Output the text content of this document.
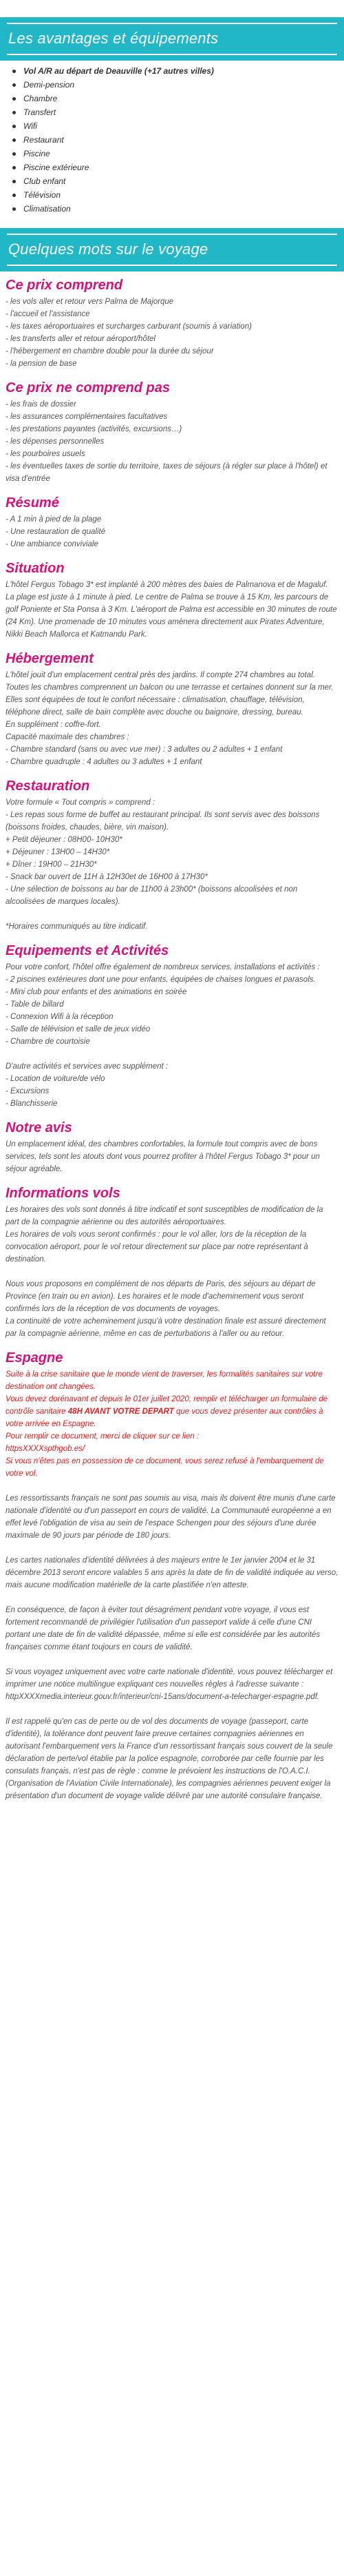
Les avantages et équipements
Vol A/R au départ de Deauville (+17 autres villes)
Demi-pension
Chambre
Transfert
Wifi
Restaurant
Piscine
Piscine extérieure
Club enfant
Télévision
Climatisation
Quelques mots sur le voyage
Ce prix comprend
- les vols aller et retour vers Palma de Majorque
- l'accueil et l'assistance
- les taxes aéroportuaires et surcharges carburant (soumis à variation)
- les transferts aller et retour aéroport/hôtel
- l'hébergement en chambre double pour la durée du séjour
- la pension de base
Ce prix ne comprend pas
- les frais de dossier
- les assurances complémentaires facultatives
- les prestations payantes (activités, excursions…)
- les dépenses personnelles
- les pourboires usuels
- les éventuelles taxes de sortie du territoire, taxes de séjours (à régler sur place à l'hôtel) et visa d'entrée
Résumé
- A 1 min à pied de la plage
- Une restauration de qualité
- Une ambiance conviviale
Situation
L'hôtel Fergus Tobago 3* est implanté à 200 mètres des baies de Palmanova et de Magaluf. La plage est juste à 1 minute à pied. Le centre de Palma se trouve à 15 Km, les parcours de golf Poniente et Sta Ponsa à 3 Km. L'aéroport de Palma est accessible en 30 minutes de route (24 Km). Une promenade de 10 minutes vous amènera directement aux Pirates Adventure, Nikki Beach Mallorca et Katmandu Park.
Hébergement
L'hôtel jouit d'un emplacement central près des jardins. Il compte 274 chambres au total.
Toutes les chambres comprennent un balcon ou une terrasse et certaines donnent sur la mer.
Elles sont équipées de tout le confort nécessaire : climatisation, chauffage, télévision, téléphone direct, salle de bain complète avec douche ou baignoire, dressing, bureau.
En supplément : coffre-fort.
Capacité maximale des chambres :
- Chambre standard (sans ou avec vue mer) : 3 adultes ou 2 adultes + 1 enfant
- Chambre quadruple : 4 adultes ou 3 adultes + 1 enfant
Restauration
Votre formule « Tout compris » comprend :
- Les repas sous forme de buffet au restaurant principal. Ils sont servis avec des boissons (boissons froides, chaudes, bière, vin maison).
+ Petit déjeuner : 08H00- 10H30*
+ Déjeuner : 13H00 – 14H30*
+ Dîner : 19H00 – 21H30*
- Snack bar ouvert de 11H à 12H30et de 16H00 à 17H30*
- Une sélection de boissons au bar de 11h00 à 23h00* (boissons alcoolisées et non alcoolisées de marques locales).
*Horaires communiqués au titre indicatif.
Equipements et Activités
Pour votre confort, l'hôtel offre également de nombreux services, installations et activités :
- 2 piscines extérieures dont une pour enfants, équipées de chaises longues et parasols.
- Mini club pour enfants et des animations en soirée
- Table de billard
- Connexion Wifi à la réception
- Salle de télévision et salle de jeux vidéo
- Chambre de courtoisie
D'autre activités et services avec supplément :
- Location de voiture/de vélo
- Excursions
- Blanchisserie
Notre avis
Un emplacement idéal, des chambres confortables, la formule tout compris avec de bons services, tels sont les atouts dont vous pourrez profiter à l'hôtel Fergus Tobago 3* pour un séjour agréable.
Informations vols
Les horaires des vols sont donnés à titre indicatif et sont susceptibles de modification de la part de la compagnie aérienne ou des autorités aéroportuaires.
Les horaires de vols vous seront confirmés : pour le vol aller, lors de la réception de la convocation aéroport, pour le vol retour directement sur place par notre représentant à destination.
Nous vous proposons en complément de nos départs de Paris, des séjours au départ de Province (en train ou en avion). Les horaires et le mode d'acheminement vous seront confirmés lors de la réception de vos documents de voyages.
La continuité de votre acheminement jusqu'à votre destination finale est assuré directement par la compagnie aérienne, même en cas de perturbations à l'aller ou au retour.
Espagne
Suite à la crise sanitaire que le monde vient de traverser, les formalités sanitaires sur votre destination ont changées.
Vous devez dorénavant et depuis le 01er juillet 2020, remplir et télécharger un formulaire de contrôle sanitaire 48H AVANT VOTRE DEPART que vous devez présenter aux contrôles à votre arrivée en Espagne.
Pour remplir ce document, merci de cliquer sur ce lien :
httpsXXXXspthgob.es/
Si vous n'êtes pas en possession de ce document, vous serez refusé à l'embarquement de votre vol.
Les ressortissants français ne sont pas soumis au visa, mais ils doivent être munis d'une carte nationale d'identité ou d'un passeport en cours de validité. La Communauté européenne a en effet levé l'obligation de visa au sein de l'espace Schengen pour des séjours d'une durée maximale de 90 jours par période de 180 jours.
Les cartes nationales d'identité délivrées à des majeurs entre le 1er janvier 2004 et le 31 décembre 2013 seront encore valables 5 ans après la date de fin de validité indiquée au verso, mais aucune modification matérielle de la carte plastifiée n'en atteste.
En conséquence, de façon à éviter tout désagrément pendant votre voyage, il vous est fortement recommandé de privilégier l'utilisation d'un passeport valide à celle d'une CNI portant une date de fin de validité dépassée, même si elle est considérée par les autorités françaises comme étant toujours en cours de validité.
Si vous voyagez uniquement avec votre carte nationale d'identité, vous pouvez télécharger et imprimer une notice multilingue expliquant ces nouvelles règles à l'adresse suivante : httpXXXXmedia.interieur.gouv.fr/interieur/cni-15ans/document-a-telecharger-espagne.pdf.
Il est rappelé qu'en cas de perte ou de vol des documents de voyage (passeport, carte d'identité), la tolérance dont peuvent faire preuve certaines compagnies aériennes en autorisant l'embarquement vers la France d'un ressortissant français sous couvert de la seule déclaration de perte/vol établie par la police espagnole, corroborée par celle fournie par les consulats français, n'est pas de règle : comme le prévoient les instructions de l'O.A.C.I. (Organisation de l'Aviation Civile Internationale), les compagnies aériennes peuvent exiger la présentation d'un document de voyage valide délivré par une autorité consulaire française.
